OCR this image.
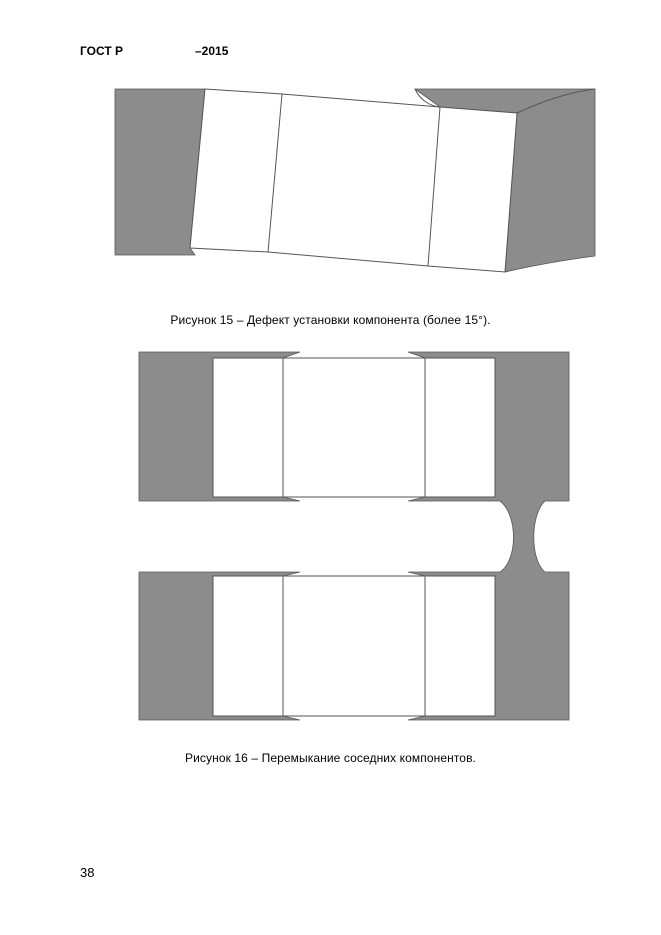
ГОСТ Р	–2015
Рисунок 15 – Дефект установки компонента (более 15°).
Рисунок 16 – Перемыкание соседних компонентов.
38
